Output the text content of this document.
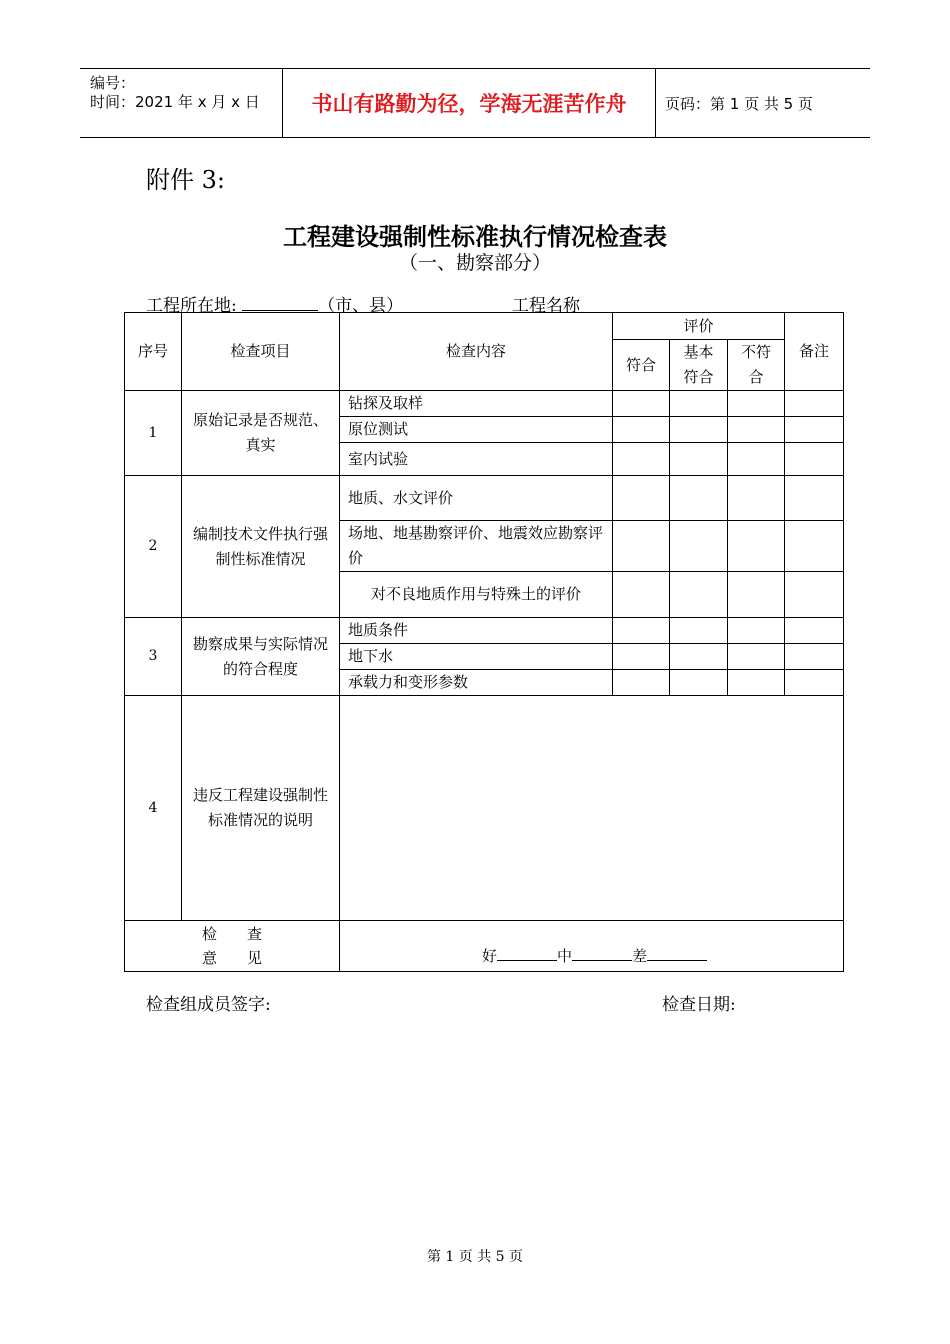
编号：
时间：2021 年 x 月 x 日	书山有路勤为径，学海无涯苦作舟	页码：第 1 页 共 5 页
附件 3:
工程建设强制性标准执行情况检查表
（一、勘察部分）
工程所在地:	（市、县）	工程名称
序号	检查项目	检查内容	评价			备注
			符合	基本符合	不符合	
1	原始记录是否规范、真实	钻探及取样				
		原位测试				
		室内试验				
2	编制技术文件执行强制性标准情况	地质、水文评价				
		场地、地基勘察评价、地震效应勘察评价				
		对不良地质作用与特殊土的评价				
3	勘察成果与实际情况的符合程度	地质条件				
		地下水				
		承载力和变形参数				
4	违反工程建设强制性标准情况的说明					

检　　查
意　　见		好 中 差				
检查组成员签字:	检查日期:
第 1 页 共 5 页
